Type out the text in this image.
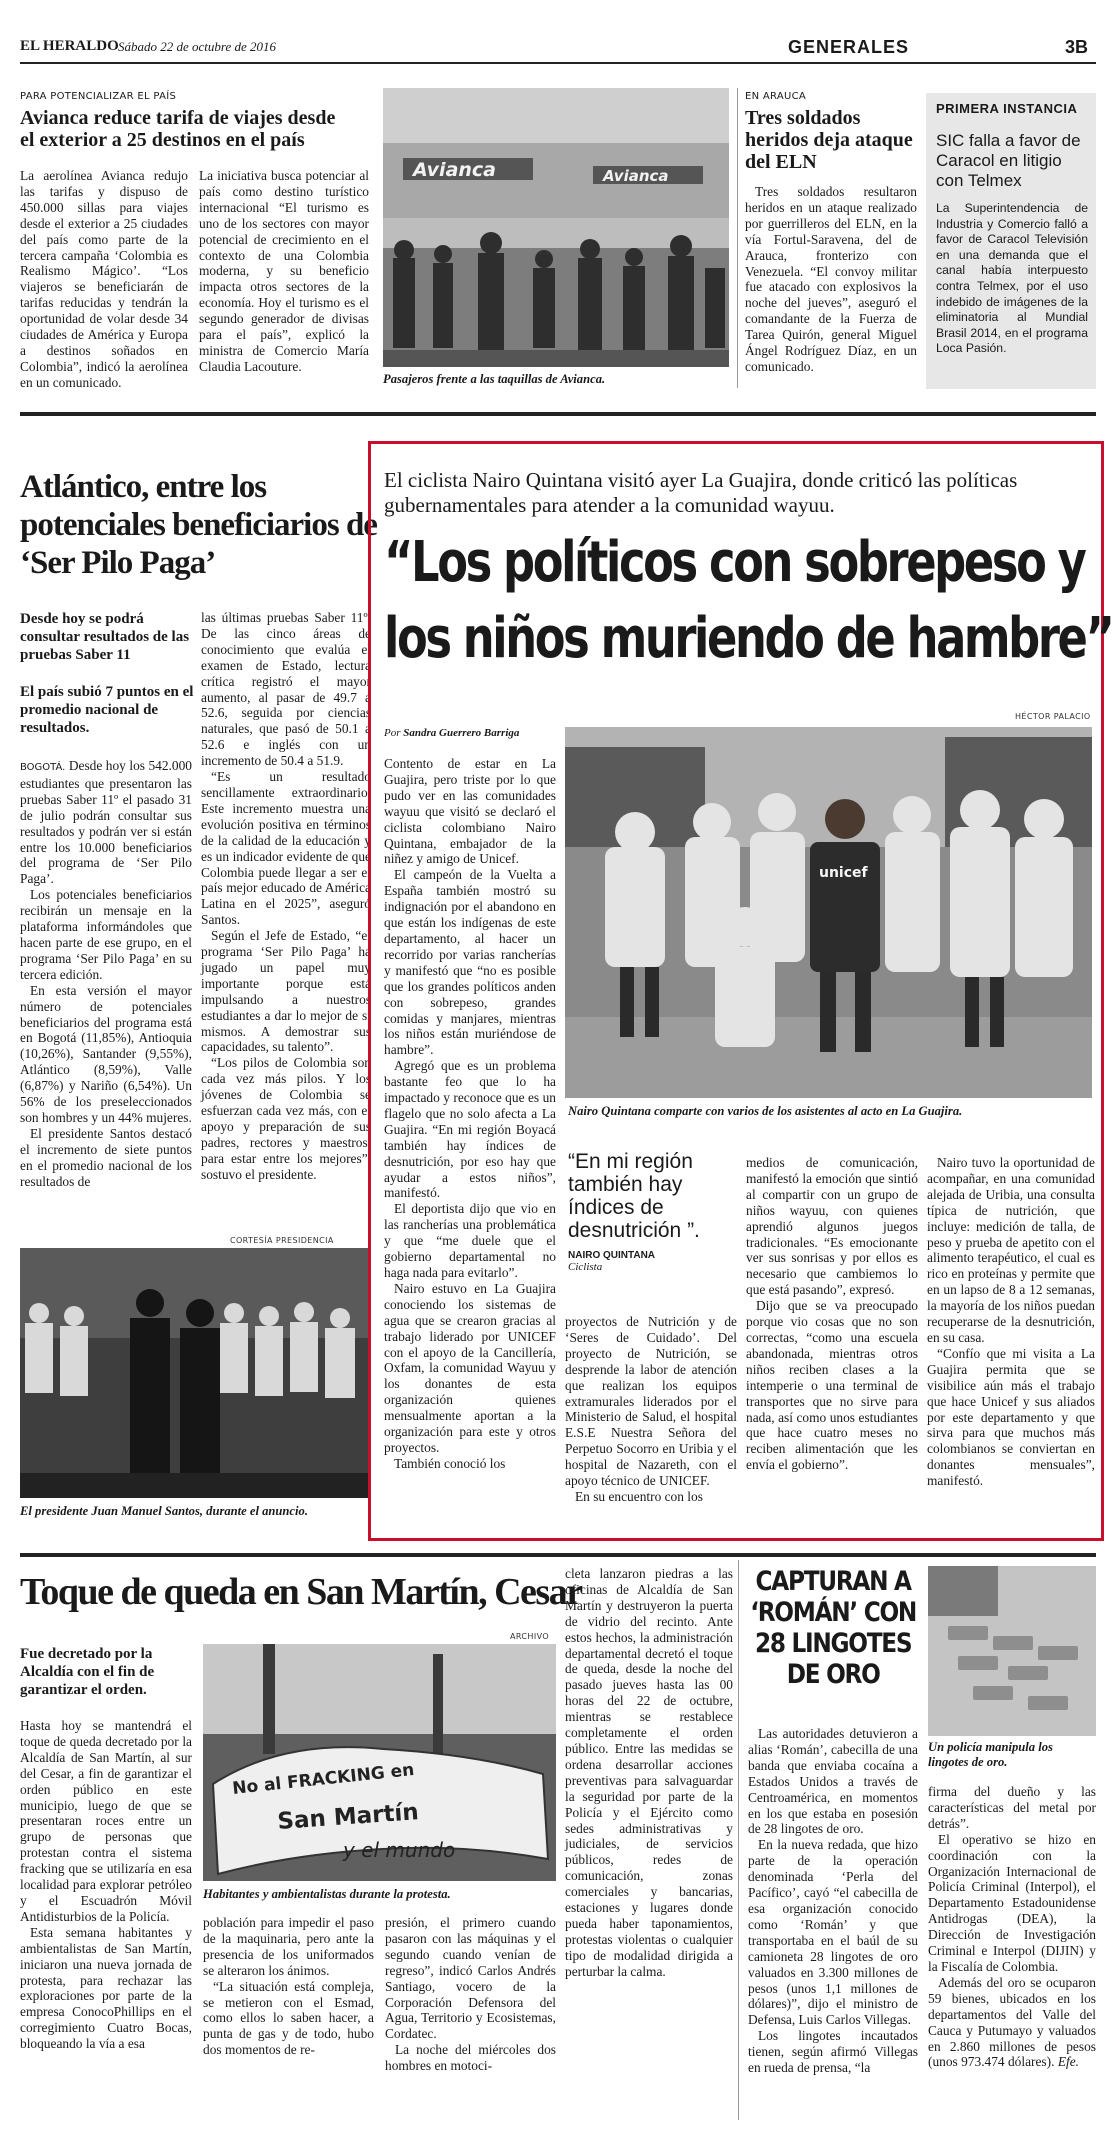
EL HERALDO Sábado 22 de octubre de 2016	GENERALES	3B
PARA POTENCIALIZAR EL PAÍS
Avianca reduce tarifa de viajes desde el exterior a 25 destinos en el país

La aerolínea Avianca redujo las tarifas y dispuso de 450.000 sillas para viajes desde el exterior a 25 ciudades del país como parte de la tercera campaña ‘Colombia es Realismo Mágico’. “Los viajeros se beneficiarán de tarifas reducidas y tendrán la oportunidad de volar desde 34 ciudades de América y Europa a destinos soñados en Colombia”, indicó la aerolínea en un comunicado.

La iniciativa busca potenciar al país como destino turístico internacional “El turismo es uno de los sectores con mayor potencial de crecimiento en el contexto de una Colombia moderna, y su beneficio impacta otros sectores de la economía. Hoy el turismo es el segundo generador de divisas para el país”, explicó la ministra de Comercio María Claudia Lacouture.

Avianca	Avianca
Pasajeros frente a las taquillas de Avianca.
EN ARAUCA
Tres soldados heridos deja ataque del ELN

Tres soldados resultaron heridos en un ataque realizado por guerrilleros del ELN, en la vía Fortul-Saravena, del de Arauca, fronterizo con Venezuela. “El convoy militar fue atacado con explosivos la noche del jueves”, aseguró el comandante de la Fuerza de Tarea Quirón, general Miguel Ángel Rodríguez Díaz, en un comunicado.

PRIMERA INSTANCIA
SIC falla a favor de Caracol en litigio con Telmex
La Superintendencia de Industria y Comercio falló a favor de Caracol Televisión en una demanda que el canal había interpuesto contra Telmex, por el uso indebido de imágenes de la eliminatoria al Mundial Brasil 2014, en el programa Loca Pasión.
Atlántico, entre los potenciales beneficiarios de ‘Ser Pilo Paga’
Desde hoy se podrá consultar resultados de las pruebas Saber 11
El país subió 7 puntos en el promedio nacional de resultados.

BOGOTÁ. Desde hoy los 542.000 estudiantes que presentaron las pruebas Saber 11º el pasado 31 de julio podrán consultar sus resultados y podrán ver si están entre los 10.000 beneficiarios del programa de ‘Ser Pilo Paga’.

Los potenciales beneficiarios recibirán un mensaje en la plataforma informándoles que hacen parte de ese grupo, en el programa ‘Ser Pilo Paga’ en su tercera edición.

En esta versión el mayor número de potenciales beneficiarios del programa está en Bogotá (11,85%), Antioquia (10,26%), Santander (9,55%), Atlántico (8,59%), Valle (6,87%) y Nariño (6,54%). Un 56% de los preseleccionados son hombres y un 44% mujeres.

El presidente Santos destacó el incremento de siete puntos en el promedio nacional de los resultados de

las últimas pruebas Saber 11º. De las cinco áreas de conocimiento que evalúa el examen de Estado, lectura crítica registró el mayor aumento, al pasar de 49.7 a 52.6, seguida por ciencias naturales, que pasó de 50.1 a 52.6 e inglés con un incremento de 50.4 a 51.9.

“Es un resultado sencillamente extraordinario. Este incremento muestra una evolución positiva en términos de la calidad de la educación y es un indicador evidente de que Colombia puede llegar a ser el país mejor educado de América Latina en el 2025”, aseguró Santos.

Según el Jefe de Estado, “el programa ‘Ser Pilo Paga’ ha jugado un papel muy importante porque está impulsando a nuestros estudiantes a dar lo mejor de sí mismos. A demostrar sus capacidades, su talento”.

“Los pilos de Colombia son cada vez más pilos. Y los jóvenes de Colombia se esfuerzan cada vez más, con el apoyo y preparación de sus padres, rectores y maestros, para estar entre los mejores”, sostuvo el presidente.

CORTESÍA PRESIDENCIA
El presidente Juan Manuel Santos, durante el anuncio.
El ciclista Nairo Quintana visitó ayer La Guajira, donde criticó las políticas gubernamentales para atender a la comunidad wayuu.
“Los políticos con sobrepeso y
los niños muriendo de hambre”
Por Sandra Guerrero Barriga
HÉCTOR PALACIO

Contento de estar en La Guajira, pero triste por lo que pudo ver en las comunidades wayuu que visitó se declaró el ciclista colombiano Nairo Quintana, embajador de la niñez y amigo de Unicef.

El campeón de la Vuelta a España también mostró su indignación por el abandono en que están los indígenas de este departamento, al hacer un recorrido por varias rancherías y manifestó que “no es posible que los grandes políticos anden con sobrepeso, grandes comidas y manjares, mientras los niños están muriéndose de hambre”.

Agregó que es un problema bastante feo que lo ha impactado y reconoce que es un flagelo que no solo afecta a La Guajira. “En mi región Boyacá también hay índices de desnutrición, por eso hay que ayudar a estos niños”, manifestó.

El deportista dijo que vio en las rancherías una problemática y que “me duele que el gobierno departamental no haga nada para evitarlo”.

Nairo estuvo en La Guajira conociendo los sistemas de agua que se crearon gracias al trabajo liderado por UNICEF con el apoyo de la Cancillería, Oxfam, la comunidad Wayuu y los donantes de esta organización quienes mensualmente aportan a la organización para este y otros proyectos.

También conoció los

unicef
Nairo Quintana comparte con varios de los asistentes al acto en La Guajira.
“En mi región también hay índices de desnutrición ”.
NAIRO QUINTANA
Ciclista

proyectos de Nutrición y de ‘Seres de Cuidado’. Del proyecto de Nutrición, se desprende la labor de atención que realizan los equipos extramurales liderados por el Ministerio de Salud, el hospital E.S.E Nuestra Señora del Perpetuo Socorro en Uribia y el hospital de Nazareth, con el apoyo técnico de UNICEF.

En su encuentro con los

medios de comunicación, manifestó la emoción que sintió al compartir con un grupo de niños wayuu, con quienes aprendió algunos juegos tradicionales. “Es emocionante ver sus sonrisas y por ellos es necesario que cambiemos lo que está pasando”, expresó.

Dijo que se va preocupado porque vio cosas que no son correctas, “como una escuela abandonada, mientras otros niños reciben clases a la intemperie o una terminal de transportes que no sirve para nada, así como unos estudiantes que hace cuatro meses no reciben alimentación que les envía el gobierno”.

Nairo tuvo la oportunidad de acompañar, en una comunidad alejada de Uribia, una consulta típica de nutrición, que incluye: medición de talla, de peso y prueba de apetito con el alimento terapéutico, el cual es rico en proteínas y permite que en un lapso de 8 a 12 semanas, la mayoría de los niños puedan recuperarse de la desnutrición, en su casa.

“Confío que mi visita a La Guajira permita que se visibilice aún más el trabajo que hace Unicef y sus aliados por este departamento y que sirva para que muchos más colombianos se conviertan en donantes mensuales”, manifestó.

Toque de queda en San Martín, Cesar
Fue decretado por la Alcaldía con el fin de garantizar el orden.
ARCHIVO
No al FRACKING en
San Martín
y el mundo
Habitantes y ambientalistas durante la protesta.

Hasta hoy se mantendrá el toque de queda decretado por la Alcaldía de San Martín, al sur del Cesar, a fin de garantizar el orden público en este municipio, luego de que se presentaran roces entre un grupo de personas que protestan contra el sistema fracking que se utilizaría en esa localidad para explorar petróleo y el Escuadrón Móvil Antidisturbios de la Policía.

Esta semana habitantes y ambientalistas de San Martín, iniciaron una nueva jornada de protesta, para rechazar las exploraciones por parte de la empresa ConocoPhillips en el corregimiento Cuatro Bocas, bloqueando la vía a esa

población para impedir el paso de la maquinaria, pero ante la presencia de los uniformados se alteraron los ánimos.

“La situación está compleja, se metieron con el Esmad, como ellos lo saben hacer, a punta de gas y de todo, hubo dos momentos de re-

presión, el primero cuando pasaron con las máquinas y el segundo cuando venían de regreso”, indicó Carlos Andrés Santiago, vocero de la Corporación Defensora del Agua, Territorio y Ecosistemas, Cordatec.

La noche del miércoles dos hombres en motoci-

cleta lanzaron piedras a las oficinas de Alcaldía de San Martín y destruyeron la puerta de vidrio del recinto. Ante estos hechos, la administración departamental decretó el toque de queda, desde la noche del pasado jueves hasta las 00 horas del 22 de octubre, mientras se restablece completamente el orden público. Entre las medidas se ordena desarrollar acciones preventivas para salvaguardar la seguridad por parte de la Policía y el Ejército como sedes administrativas y judiciales, de servicios públicos, redes de comunicación, zonas comerciales y bancarias, estaciones y lugares donde pueda haber taponamientos, protestas violentas o cualquier tipo de modalidad dirigida a perturbar la calma.

CAPTURAN A ‘ROMÁN’ CON 28 LINGOTES DE ORO

Las autoridades detuvieron a alias ‘Román’, cabecilla de una banda que enviaba cocaína a Estados Unidos a través de Centroamérica, en momentos en los que estaba en posesión de 28 lingotes de oro.

En la nueva redada, que hizo parte de la operación denominada ‘Perla del Pacífico’, cayó “el cabecilla de esa organización conocido como ‘Román’ y que transportaba en el baúl de su camioneta 28 lingotes de oro valuados en 3.300 millones de pesos (unos 1,1 millones de dólares)”, dijo el ministro de Defensa, Luis Carlos Villegas.

Los lingotes incautados tienen, según afirmó Villegas en rueda de prensa, “la

Un policía manipula los lingotes de oro.

firma del dueño y las características del metal por detrás”.

El operativo se hizo en coordinación con la Organización Internacional de Policía Criminal (Interpol), el Departamento Estadounidense Antidrogas (DEA), la Dirección de Investigación Criminal e Interpol (DIJIN) y la Fiscalía de Colombia.

Además del oro se ocuparon 59 bienes, ubicados en los departamentos del Valle del Cauca y Putumayo y valuados en 2.860 millones de pesos (unos 973.474 dólares). Efe.
